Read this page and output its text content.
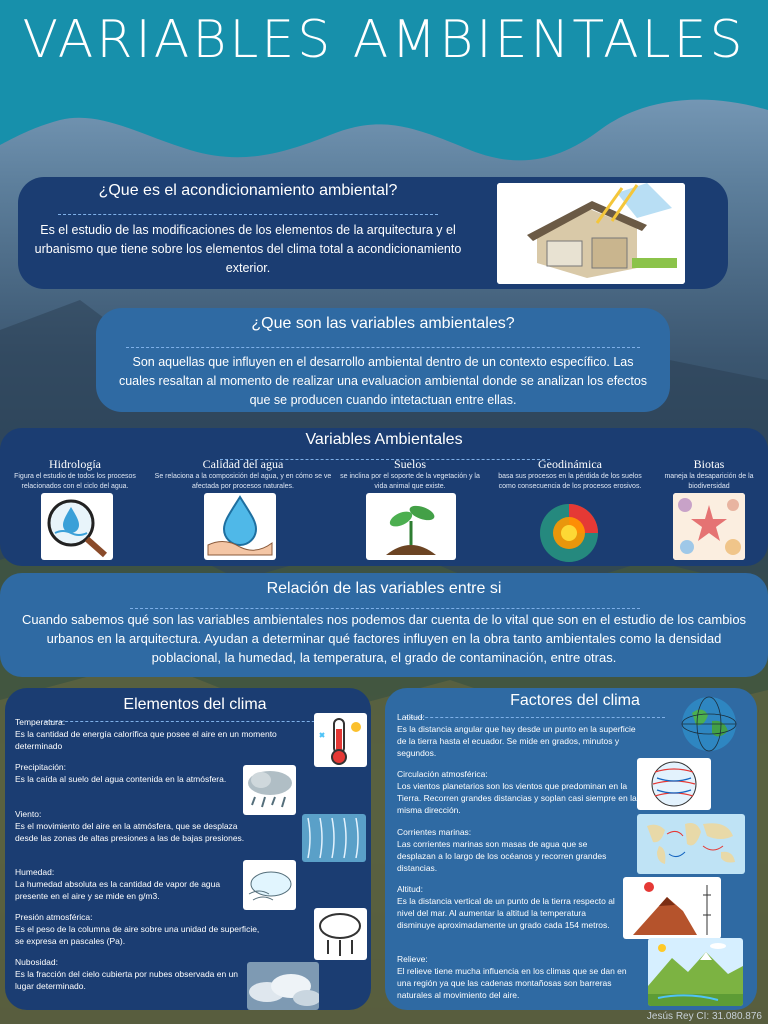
VARIABLES AMBIENTALES
¿Que es el acondicionamiento ambiental?
Es el estudio de las modificaciones de los elementos de la arquitectura y el urbanismo que tiene sobre los elementos del clima total a acondicionamiento exterior.
¿Que son las variables ambientales?
Son aquellas que influyen en el desarrollo ambiental dentro de un contexto específico. Las cuales resaltan al momento de realizar una evaluacion ambiental donde se analizan los efectos que se producen cuando intetactuan entre ellas.
Variables Ambientales
Hidrología
Figura el estudio de todos los procesos relacionados con el ciclo del agua.
Calidad del agua
Se relaciona a la composición del agua, y en cómo se ve afectada por procesos naturales.
Suelos
se inclina por el soporte de la vegetación y la vida animal que existe.
Geodinámica
basa sus procesos en la pérdida de los suelos como consecuencia de los procesos erosivos.
Biotas
maneja la desaparición de la biodiversidad
Relación de las variables entre si
Cuando sabemos qué son las variables ambientales nos podemos dar cuenta de lo vital que son en el estudio de los cambios urbanos en la arquitectura. Ayudan a determinar qué factores influyen en la obra tanto ambientales como la densidad poblacional, la humedad, la temperatura, el grado de contaminación, entre otras.
Elementos del clima
Temperatura:
Es la cantidad de energía calorífica que posee el aire en un momento determinado
Precipitación:
Es la caída al suelo del agua contenida en la atmósfera.
Viento:
Es el movimiento del aire en la atmósfera, que se desplaza desde las zonas de altas presiones a las de bajas presiones.
Humedad:
La humedad absoluta es la cantidad de vapor de agua presente en el aire y se mide en g/m3.
Presión atmosférica:
Es el peso de la columna de aire sobre una unidad de superficie, se expresa en pascales (Pa).
Nubosidad:
Es la fracción del cielo cubierta por nubes observada en un lugar determinado.
Factores del clima
Latitud:
Es la distancia angular que hay desde un punto en la superficie de la tierra hasta el ecuador. Se mide en grados, minutos y segundos.
Circulación atmosférica:
Los vientos planetarios son los vientos que predominan en la Tierra. Recorren grandes distancias y soplan casi siempre en la misma dirección.
Corrientes marinas:
Las corrientes marinas son masas de agua que se desplazan a lo largo de los océanos y recorren grandes distancias.
Altitud:
Es la distancia vertical de un punto de la tierra respecto al nivel del mar. Al aumentar la altitud la temperatura disminuye aproximadamente un grado cada 154 metros.
Relieve:
El relieve tiene mucha influencia en los climas que se dan en una región ya que las cadenas montañosas son barreras naturales al movimiento del aire.
Jesús Rey CI: 31.080.876
